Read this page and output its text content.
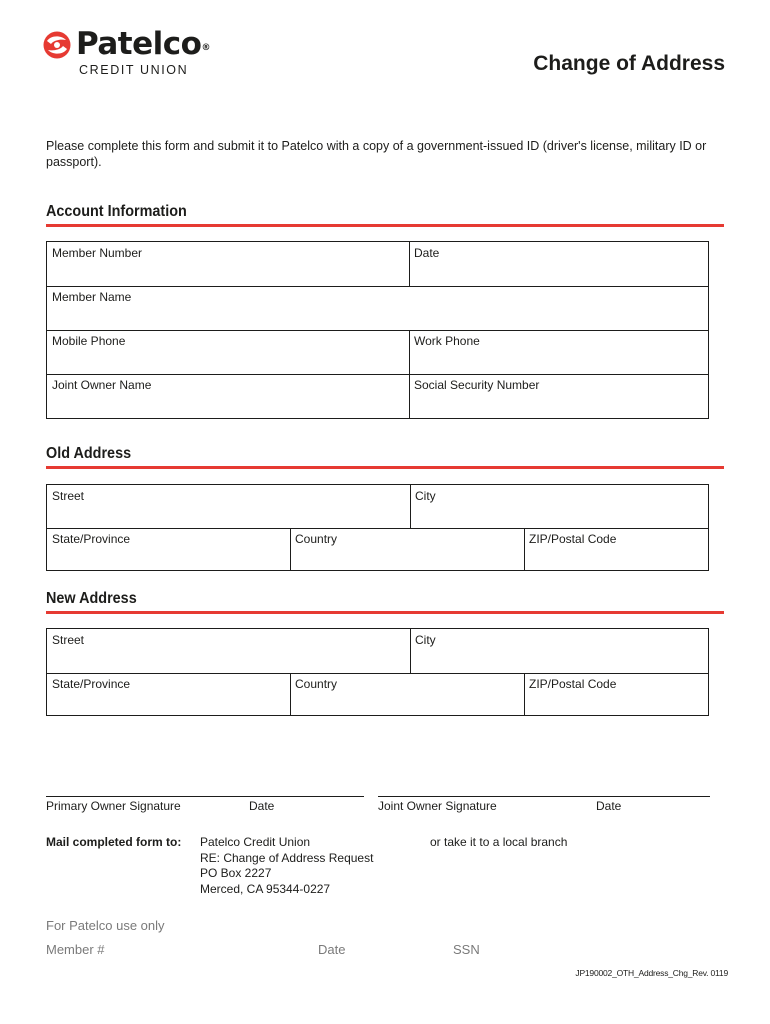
Patelco®
CREDIT UNION	Change of Address
Please complete this form and submit it to Patelco with a copy of a government-issued ID (driver's license, military ID or passport).
Account Information
Member Number	Date
Member Name
Mobile Phone	Work Phone
Joint Owner Name	Social Security Number
Old Address
Street	City
State/Province	Country	ZIP/Postal Code
New Address
Street	City
State/Province	Country	ZIP/Postal Code
Primary Owner Signature	Date	Joint Owner Signature	Date
Mail completed form to: Patelco Credit Union
RE: Change of Address Request
PO Box 2227
Merced, CA 95344-0227
or take it to a local branch
For Patelco use only
Member #	Date	SSN
JP190002_OTH_Address_Chg_Rev. 0119
